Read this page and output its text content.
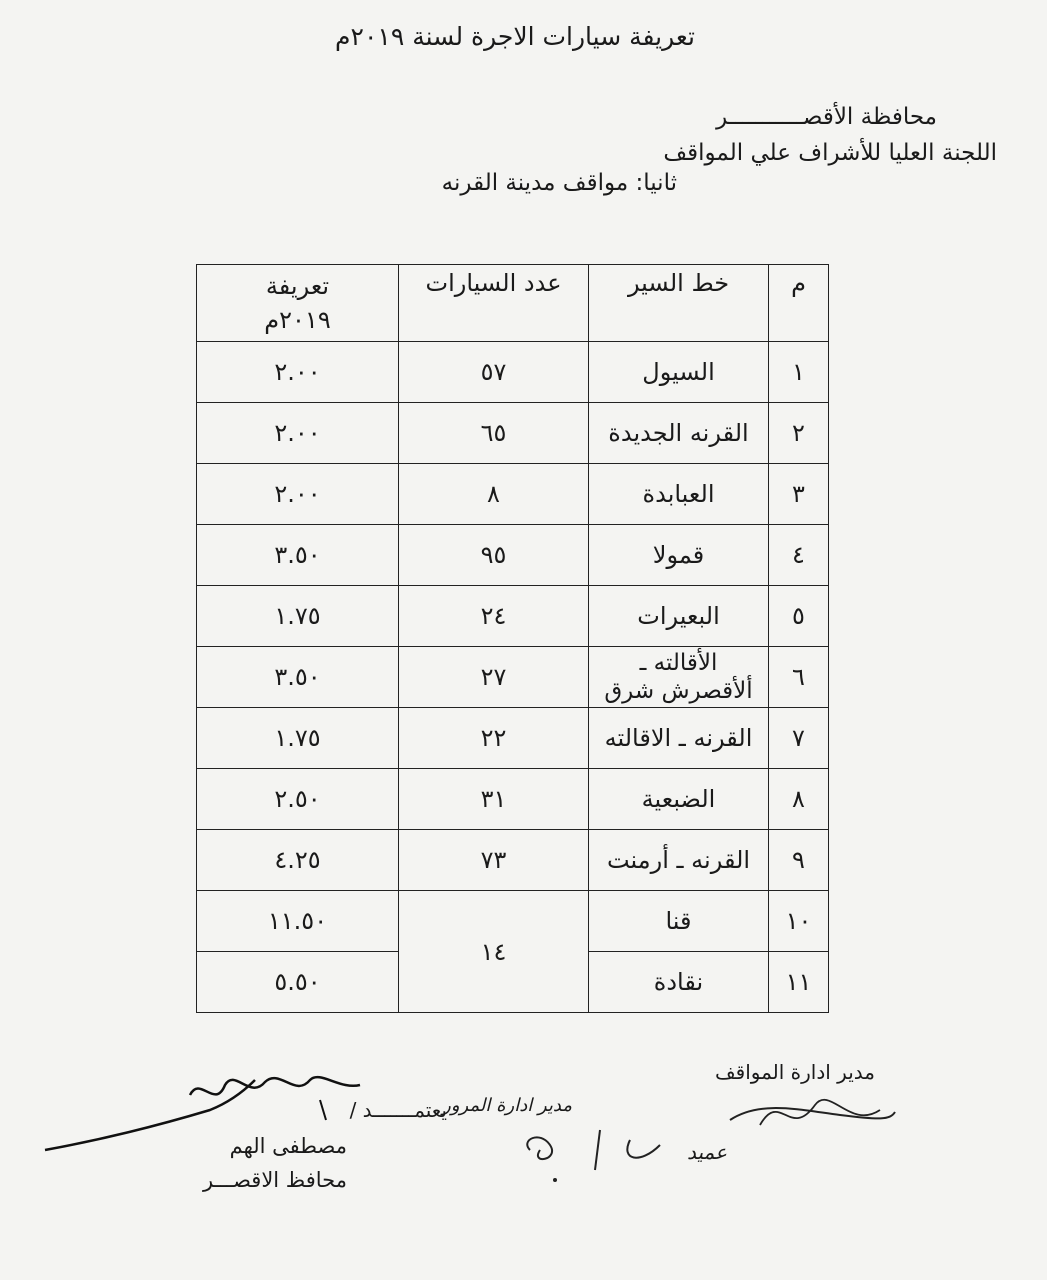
تعريفة سيارات الاجرة لسنة ٢٠١٩م
محافظة الأقصـــــــــــر
اللجنة العليا للأشراف علي المواقف
ثانيا: مواقف مدينة القرنه
م	خط السير	عدد السيارات	تعريفة
٢٠١٩م

١	السيول	٥٧	٢.٠٠
٢	القرنه الجديدة	٦٥	٢.٠٠
٣	العبابدة	٨	٢.٠٠
٤	قمولا	٩٥	٣.٥٠
٥	البعيرات	٢٤	١.٧٥
٦	الأقالته ـ
ألأقصرش شرق	٢٧	٣.٥٠
٧	القرنه ـ الاقالته	٢٢	١.٧٥
٨	الضبعية	٣١	٢.٥٠
٩	القرنه ـ أرمنت	٧٣	٤.٢٥
١٠	قنا	١٤	١١.٥٠
١١	نقادة		٥.٥٠
مدير ادارة المواقف
مدير ادارة المرور
عميد
يعتمـــــــد /
مصطفى الهم
محافظ الاقصـــر
